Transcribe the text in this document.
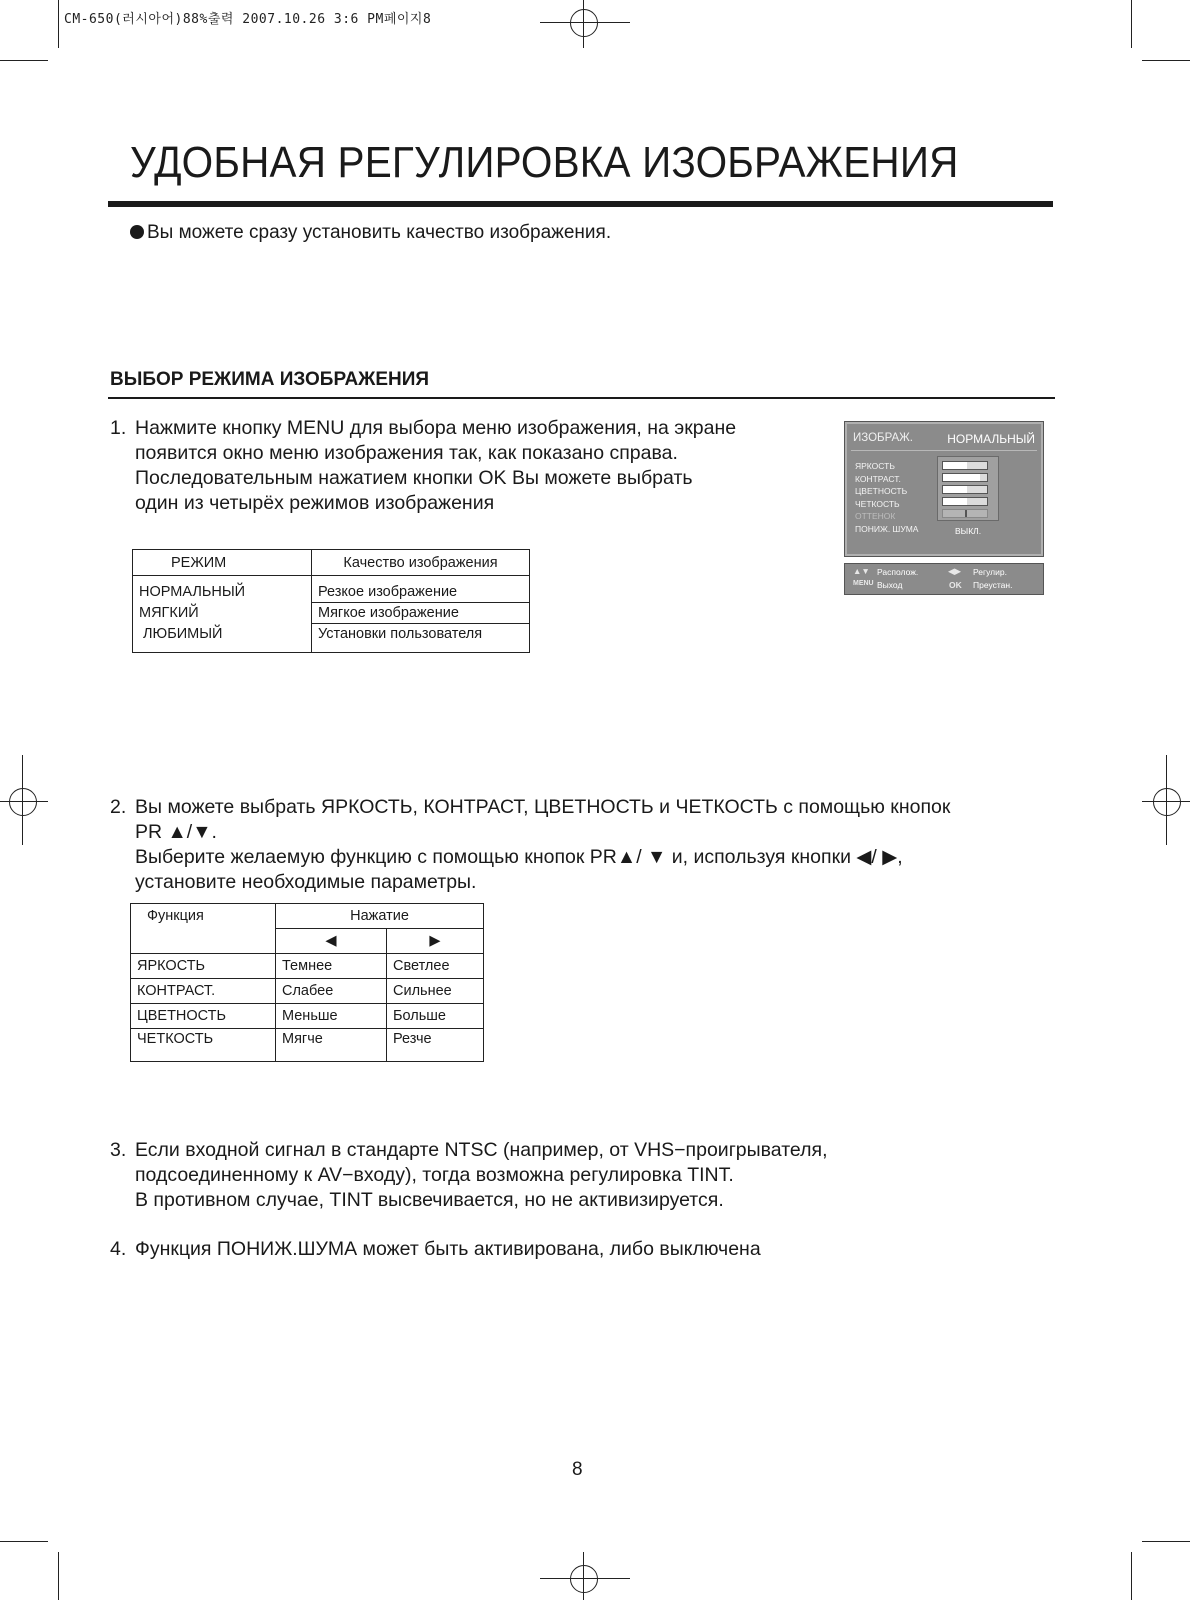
CM-650(러시아어)88%출력 2007.10.26 3:6 PM페이지8
УДОБНАЯ РЕГУЛИРОВКА ИЗОБРАЖЕНИЯ
Вы можете сразу установить качество изображения.
ВЫБОР РЕЖИМА ИЗОБРАЖЕНИЯ
1. Нажмите кнопку MENU для выбора меню изображения, на экране
появится окно меню изображения так, как показано справа.
Последовательным нажатием кнопки OK Вы можете выбрать
один из четырёх режимов изображения
РЕЖИМ	Качество изображения
НОРМАЛЬНЫЙ	Резкое изображение
МЯГКИЙ	Мягкое изображение
ЛЮБИМЫЙ	Установки пользователя
ИЗОБРАЖ.	НОРМАЛЬНЫЙ
ЯРКОСТЬ
КОНТРАСТ.
ЦВЕТНОСТЬ
ЧЕТКОСТЬ
ОТТЕНОК
ПОНИЖ. ШУМА	ВЫКЛ.
▲▼ Располож.	◀▶ Регулир.
MENU Выход	OK Преустан.
2. Вы можете выбрать ЯРКОСТЬ, КОНТРАСТ, ЦВЕТНОСТЬ и ЧЕТКОСТЬ с помощью кнопок
PR ▲/▼.
Выберите желаемую функцию с помощью кнопок PR▲/ ▼ и, используя кнопки ◀/ ▶,
установите необходимые параметры.
Функция	Нажатие	
	◀	▶
ЯРКОСТЬ	Темнее	Светлее
КОНТРАСТ.	Слабее	Сильнее
ЦВЕТНОСТЬ	Меньше	Больше
ЧЕТКОСТЬ	Мягче	Резче
3. Если входной сигнал в стандарте NTSC (например, от VHS−проигрывателя,
подсоединенному к AV−входу), тогда возможна регулировка TINT.
В противном случае, TINT высвечивается, но не активизируется.
4. Функция ПОНИЖ.ШУМА может быть активирована, либо выключена
8
